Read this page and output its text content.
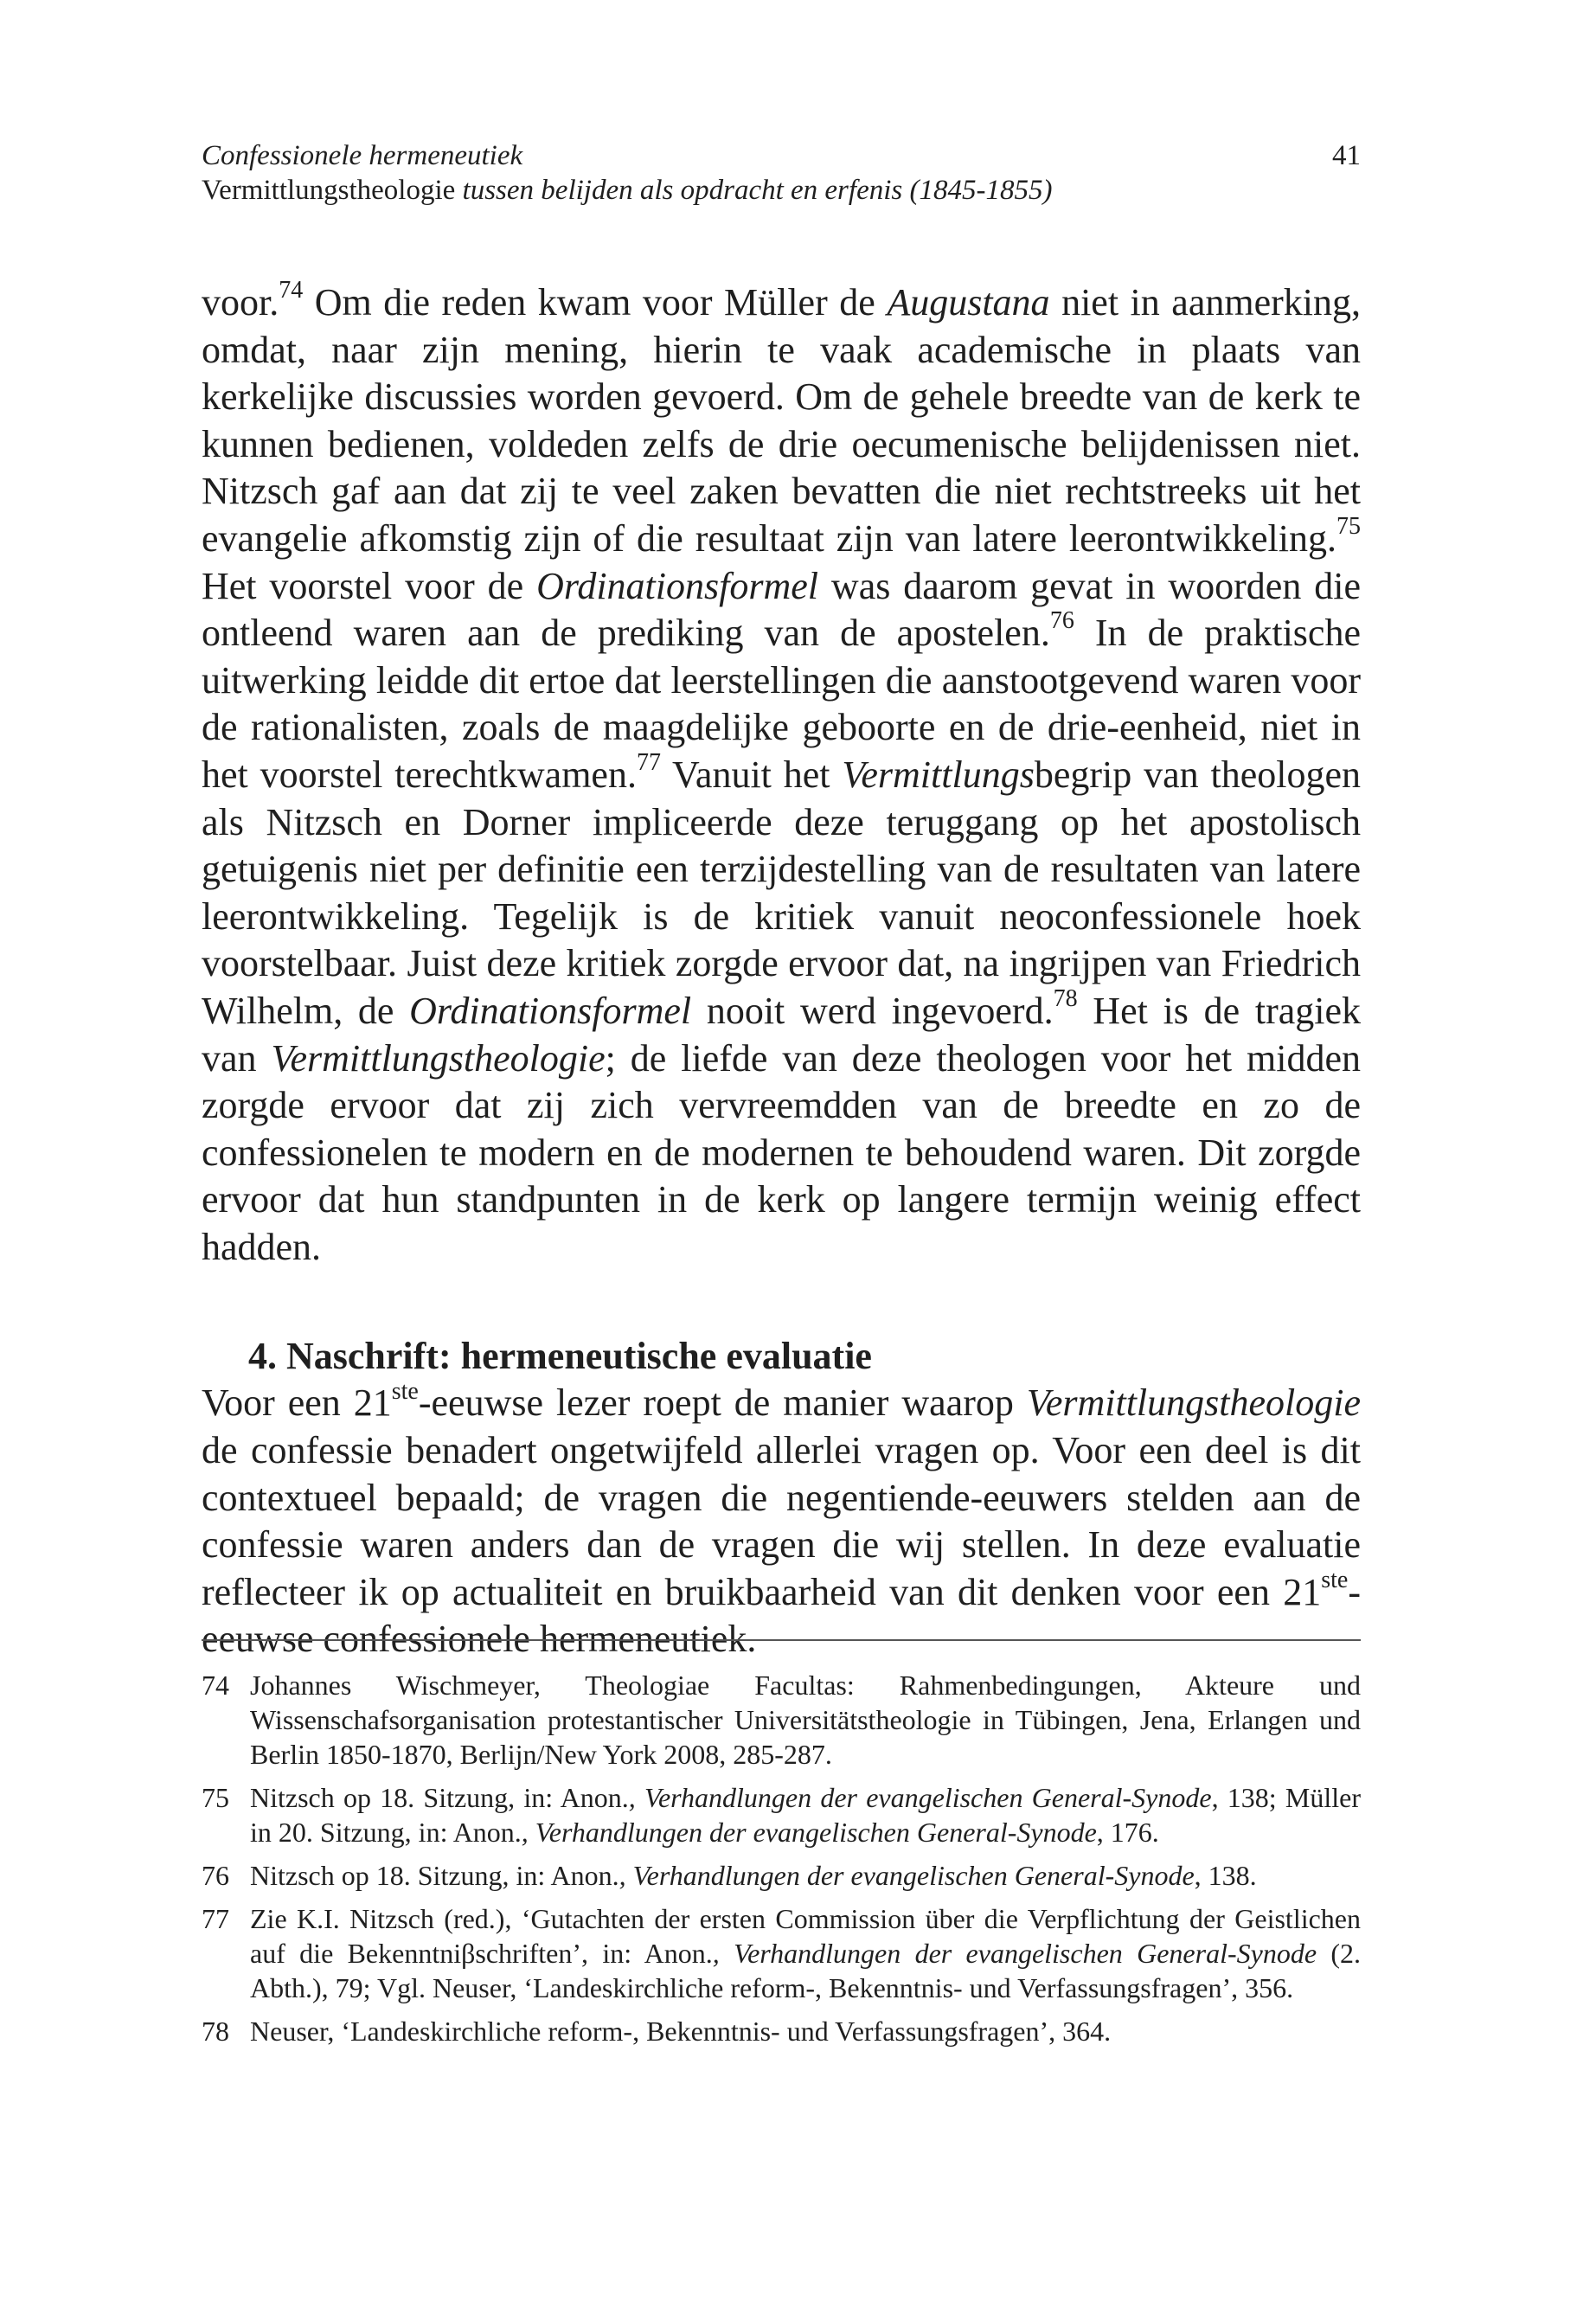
Confessionele hermeneutiek
Vermittlungstheologie tussen belijden als opdracht en erfenis (1845-1855)
41

voor.$^{74}$ Om die reden kwam voor Müller de Augustana niet in aanmerking, omdat, naar zijn mening, hierin te vaak academische in plaats van kerkelijke discussies worden gevoerd. Om de gehele breedte van de kerk te kunnen bedienen, voldeden zelfs de drie oecumenische belijdenissen niet. Nitzsch gaf aan dat zij te veel zaken bevatten die niet rechtstreeks uit het evangelie afkomstig zijn of die resultaat zijn van latere leerontwikkeling.$^{75}$ Het voorstel voor de Ordinationsformel was daarom gevat in woorden die ontleend waren aan de prediking van de apostelen.$^{76}$ In de praktische uitwerking leidde dit ertoe dat leerstellingen die aanstootgevend waren voor de rationalisten, zoals de maagdelijke geboorte en de drie-eenheid, niet in het voorstel terechtkwamen.$^{77}$ Vanuit het Vermittlungsbegrip van theologen als Nitzsch en Dorner impliceerde deze teruggang op het apostolisch getuigenis niet per definitie een terzijdestelling van de resultaten van latere leerontwikkeling. Tegelijk is de kritiek vanuit neoconfessionele hoek voorstelbaar. Juist deze kritiek zorgde ervoor dat, na ingrijpen van Friedrich Wilhelm, de Ordinationsformel nooit werd ingevoerd.$^{78}$ Het is de tragiek van Vermittlungstheologie; de liefde van deze theologen voor het midden zorgde ervoor dat zij zich vervreemdden van de breedte en zo de confessionelen te modern en de modernen te behoudend waren. Dit zorgde ervoor dat hun standpunten in de kerk op langere termijn weinig effect hadden.

4. Naschrift: hermeneutische evaluatie

Voor een 21ste-eeuwse lezer roept de manier waarop Vermittlungstheologie de confessie benadert ongetwijfeld allerlei vragen op. Voor een deel is dit contextueel bepaald; de vragen die negentiende-eeuwers stelden aan de confessie waren anders dan de vragen die wij stellen. In deze evaluatie reflecteer ik op actualiteit en bruikbaarheid van dit denken voor een 21ste-eeuwse confessionele hermeneutiek.

74 Johannes Wischmeyer, Theologiae Facultas: Rahmenbedingungen, Akteure und Wissenschafsorganisation protestantischer Universitätstheologie in Tübingen, Jena, Erlangen und Berlin 1850-1870, Berlijn/New York 2008, 285-287.
75 Nitzsch op 18. Sitzung, in: Anon., Verhandlungen der evangelischen General-Synode, 138; Müller in 20. Sitzung, in: Anon., Verhandlungen der evangelischen General-Synode, 176.
76 Nitzsch op 18. Sitzung, in: Anon., Verhandlungen der evangelischen General-Synode, 138.
77 Zie K.I. Nitzsch (red.), ‘Gutachten der ersten Commission über die Verpflichtung der Geistlichen auf die Bekenntniβschriften’, in: Anon., Verhandlungen der evangelischen General-Synode (2. Abth.), 79; Vgl. Neuser, ‘Landeskirchliche reform-, Bekenntnis- und Verfassungsfragen’, 356.
78 Neuser, ‘Landeskirchliche reform-, Bekenntnis- und Verfassungsfragen’, 364.
